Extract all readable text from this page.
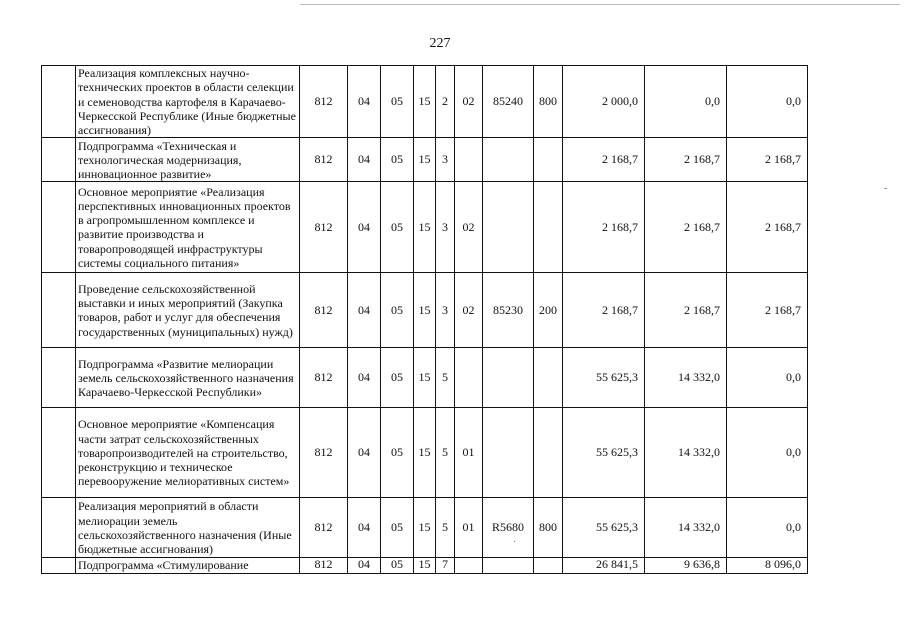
227
	Реализация комплексных научно-технических проектов в области селекции и семеноводства картофеля в Карачаево-Черкесской Республике (Иные бюджетные ассигнования)	812	04	05	15	2	02	85240	800	2 000,0	0,0	0,0
	Подпрограмма «Техническая и технологическая модернизация, инновационное развитие»	812	04	05	15	3				2 168,7	2 168,7	2 168,7
	Основное мероприятие «Реализация перспективных инновационных проектов в агропромышленном комплексе и развитие производства и товаропроводящей инфраструктуры системы социального питания»	812	04	05	15	3	02			2 168,7	2 168,7	2 168,7
	Проведение сельскохозяйственной выставки и иных мероприятий (Закупка товаров, работ и услуг для обеспечения государственных (муниципальных) нужд)	812	04	05	15	3	02	85230	200	2 168,7	2 168,7	2 168,7
	Подпрограмма «Развитие мелиорации земель сельскохозяйственного назначения Карачаево-Черкесской Республики»	812	04	05	15	5				55 625,3	14 332,0	0,0
	Основное мероприятие «Компенсация части затрат сельскохозяйственных товаропроизводителей на строительство, реконструкцию и техническое перевооружение мелиоративных систем»	812	04	05	15	5	01			55 625,3	14 332,0	0,0
	Реализация мероприятий в области мелиорации земель сельскохозяйственного назначения (Иные бюджетные ассигнования)	812	04	05	15	5	01	R5680	800	55 625,3	14 332,0	0,0
	Подпрограмма «Стимулирование	812	04	05	15	7				26 841,5	9 636,8	8 096,0
·
-
